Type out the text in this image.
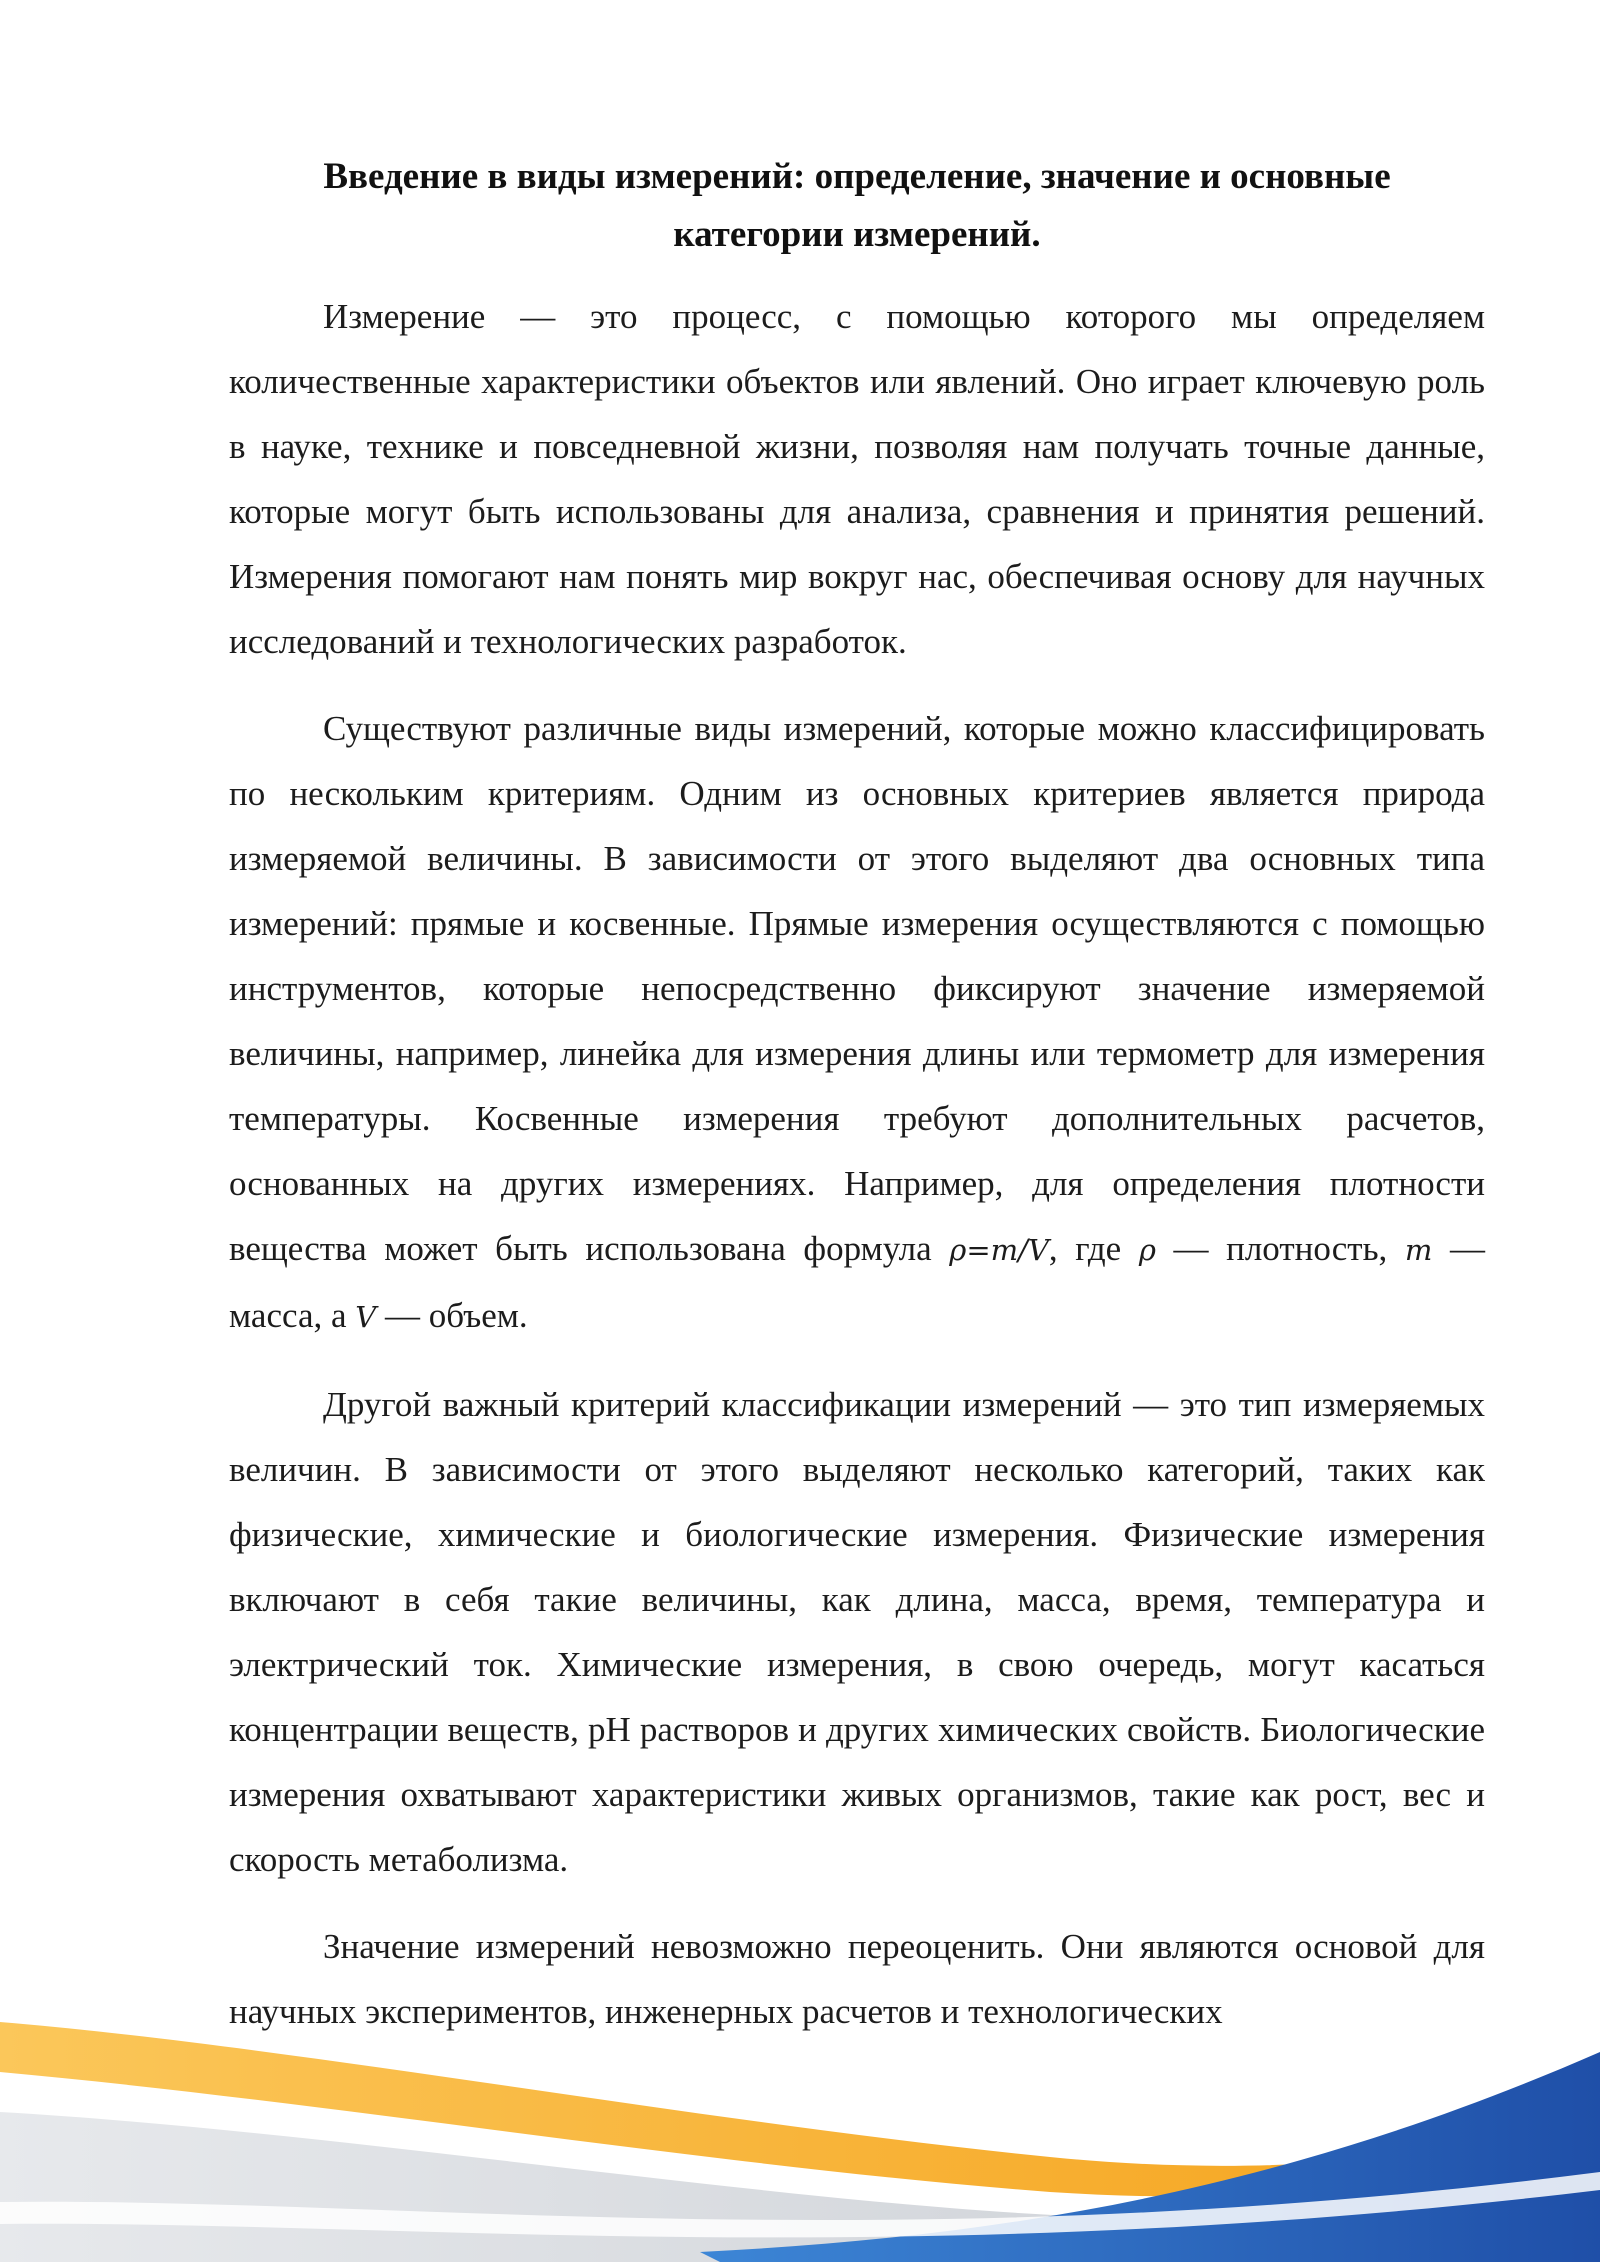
Введение в виды измерений: определение, значение и основные категории измерений.

Измерение — это процесс, с помощью которого мы определяем количественные характеристики объектов или явлений. Оно играет ключевую роль в науке, технике и повседневной жизни, позволяя нам получать точные данные, которые могут быть использованы для анализа, сравнения и принятия решений. Измерения помогают нам понять мир вокруг нас, обеспечивая основу для научных исследований и технологических разработок.

Существуют различные виды измерений, которые можно классифицировать по нескольким критериям. Одним из основных критериев является природа измеряемой величины. В зависимости от этого выделяют два основных типа измерений: прямые и косвенные. Прямые измерения осуществляются с помощью инструментов, которые непосредственно фиксируют значение измеряемой величины, например, линейка для измерения длины или термометр для измерения температуры. Косвенные измерения требуют дополнительных расчетов, основанных на других измерениях. Например, для определения плотности вещества может быть использована формула ρ=m/V, где ρ — плотность, m — масса, а V — объем.

Другой важный критерий классификации измерений — это тип измеряемых величин. В зависимости от этого выделяют несколько категорий, таких как физические, химические и биологические измерения. Физические измерения включают в себя такие величины, как длина, масса, время, температура и электрический ток. Химические измерения, в свою очередь, могут касаться концентрации веществ, pH растворов и других химических свойств. Биологические измерения охватывают характеристики живых организмов, такие как рост, вес и скорость метаболизма.

Значение измерений невозможно переоценить. Они являются основой для научных экспериментов, инженерных расчетов и технологических
